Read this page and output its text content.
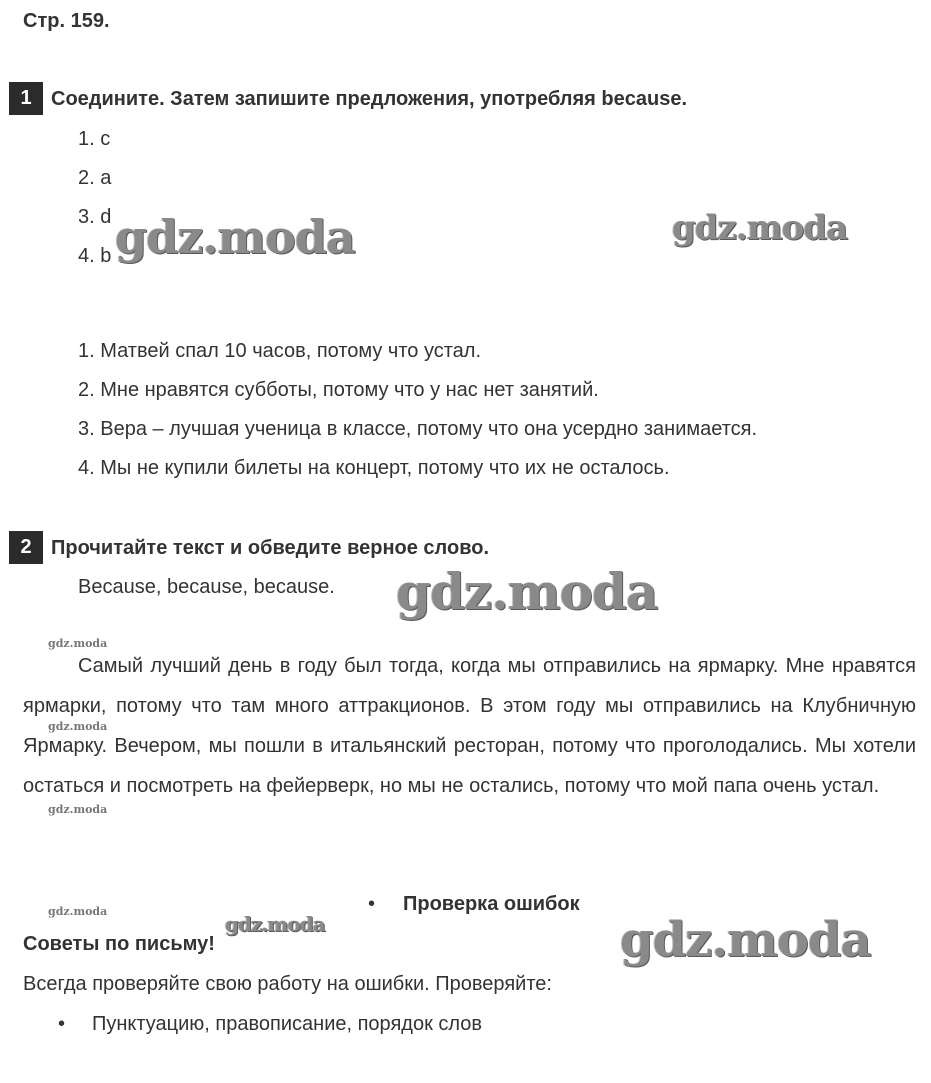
Стр. 159.
1 Соедините. Затем запишите предложения, употребляя because.
1. c
2. a
3. d
4. b
1. Матвей спал 10 часов, потому что устал.
2. Мне нравятся субботы, потому что у нас нет занятий.
3. Вера – лучшая ученица в классе, потому что она усердно занимается.
4. Мы не купили билеты на концерт, потому что их не осталось.
2 Прочитайте текст и обведите верное слово.
Because, because, because.

Самый лучший день в году был тогда, когда мы отправились на ярмарку. Мне нравятся ярмарки, потому что там много аттракционов. В этом году мы отправились на Клубничную Ярмарку. Вечером, мы пошли в итальянский ресторан, потому что проголодались. Мы хотели остаться и посмотреть на фейерверк, но мы не остались, потому что мой папа очень устал.

• Проверка ошибок
Советы по письму!
Всегда проверяйте свою работу на ошибки. Проверяйте:
• Пунктуацию, правописание, порядок слов
gdz.moda	gdz.moda
gdz.moda
gdz.moda
gdz.moda
gdz.moda
gdz.moda
gdz.moda
gdz.moda
